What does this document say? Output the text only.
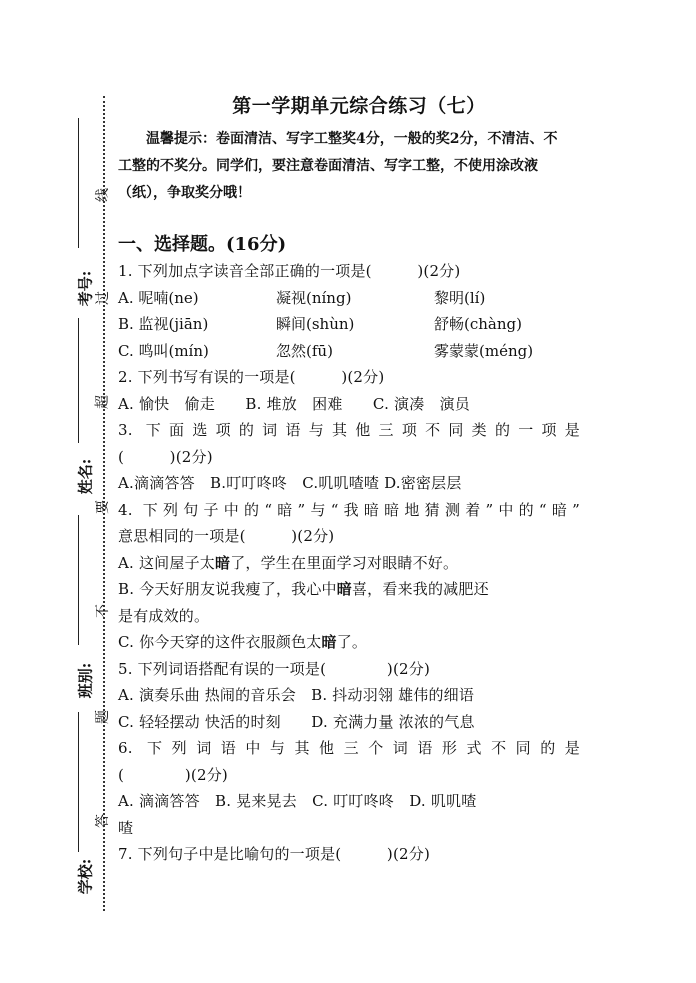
考号:
姓名:
班别:
学校:
线
过
超
要
不
题
答
第一学期单元综合练习（七）
温馨提示：卷面清洁、写字工整奖4分，一般的奖2分，不清洁、不
工整的不奖分。同学们，要注意卷面清洁、写字工整，不使用涂改液
（纸），争取奖分哦！
一、选择题。(16分)
1. 下列加点字读音全部正确的一项是(　　　)(2分)
A. 呢喃(ne)	凝视(níng)	黎明(lí)
B. 监视(jiān)	瞬间(shùn)	舒畅(chàng)
C. 鸣叫(mín)	忽然(fū)	雾蒙蒙(méng)
2. 下列书写有误的一项是(　　　)(2分)
A. 愉快　偷走　　B. 堆放　困难　　C. 演凑　演员
3. 下面选项的词语与其他三项不同类的一项是
(　　　)(2分)
A.滴滴答答　B.叮叮咚咚　C.叽叽喳喳 D.密密层层
4. 下列句子中的“暗”与“我暗暗地猜测着”中的“暗”
意思相同的一项是(　　　)(2分)
A. 这间屋子太暗了，学生在里面学习对眼睛不好。
B. 今天好朋友说我瘦了，我心中暗喜，看来我的减肥还
是有成效的。
C. 你今天穿的这件衣服颜色太暗了。
5. 下列词语搭配有误的一项是(　　　　)(2分)
A. 演奏乐曲 热闹的音乐会　B. 抖动羽翎 雄伟的细语
C. 轻轻摆动 快活的时刻　　D. 充满力量 浓浓的气息
6. 下列词语中与其他三个词语形式不同的是
(　　　　)(2分)
A. 滴滴答答　B. 晃来晃去　C. 叮叮咚咚　D. 叽叽喳
喳
7. 下列句子中是比喻句的一项是(　　　)(2分)
